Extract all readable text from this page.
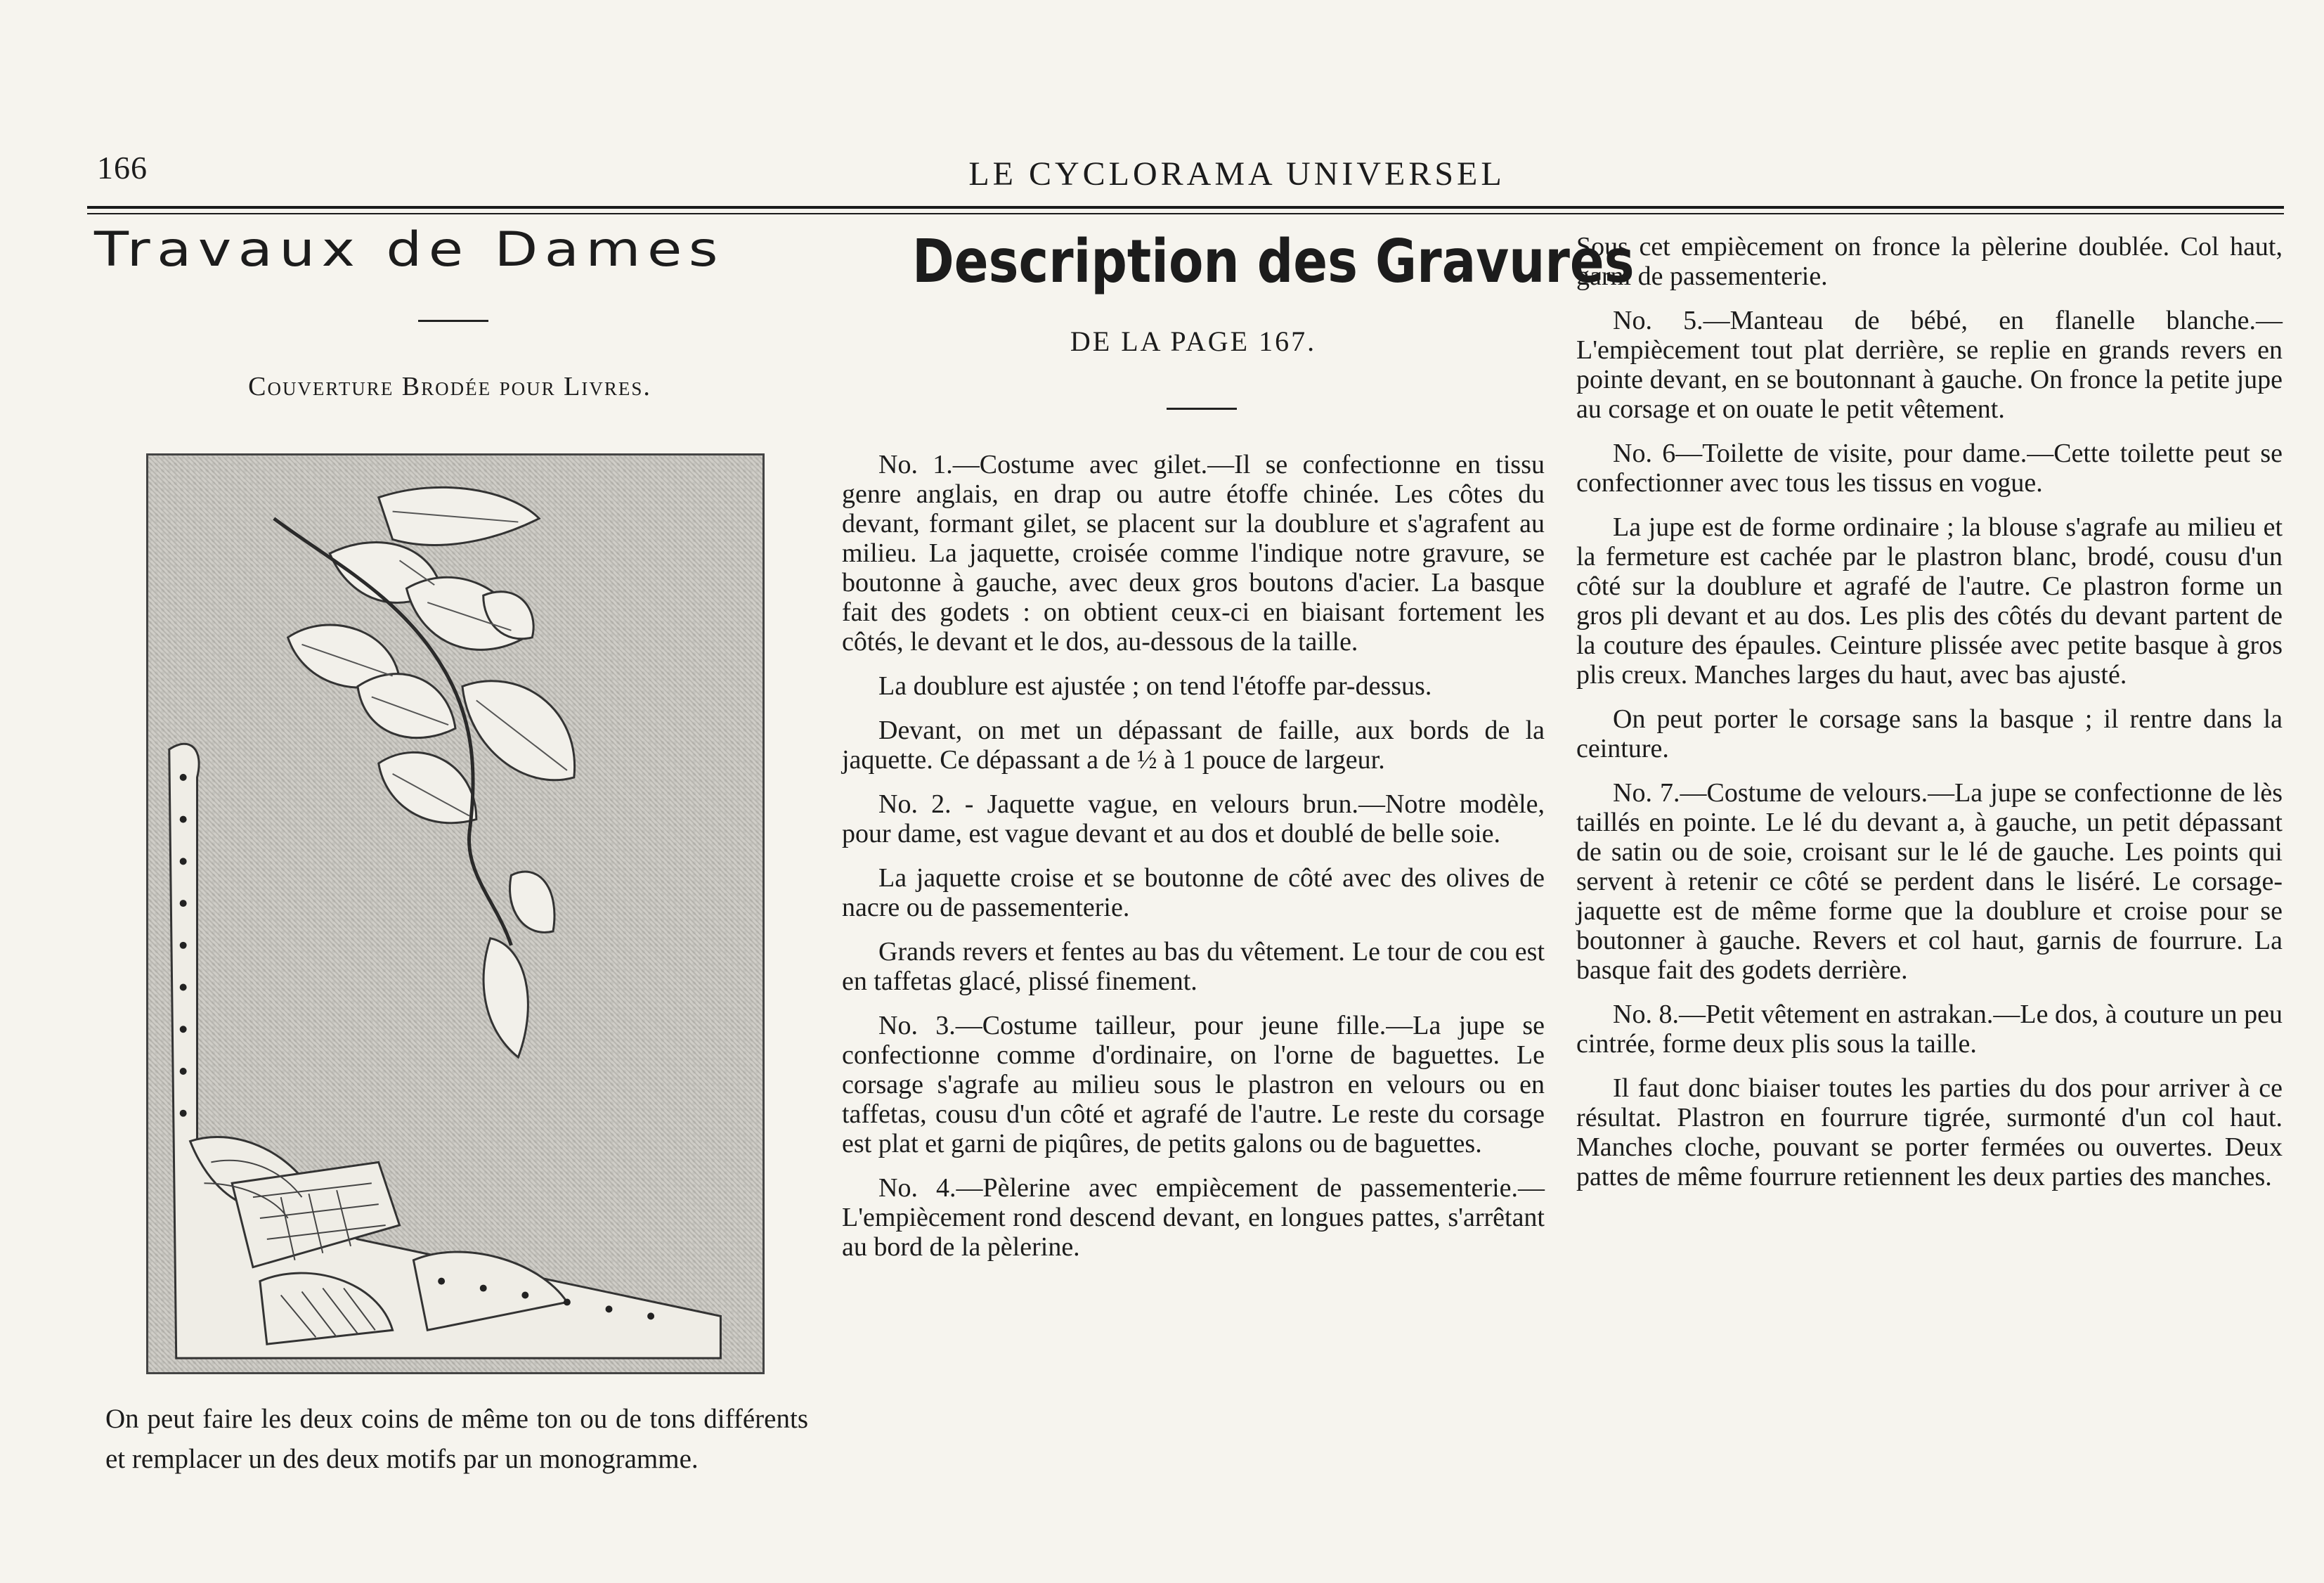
166	LE CYCLORAMA UNIVERSEL
Travaux de Dames
Couverture Brodée pour Livres.
On peut faire les deux coins de même ton ou de tons différents et remplacer un des deux motifs par un monogramme.
Description des Gravures
DE LA PAGE 167.

No. 1.—Costume avec gilet.—Il se confectionne en tissu genre anglais, en drap ou autre étoffe chinée. Les côtes du devant, formant gilet, se placent sur la doublure et s'agrafent au milieu. La jaquette, croisée comme l'indique notre gravure, se boutonne à gauche, avec deux gros boutons d'acier. La basque fait des godets : on obtient ceux-ci en biaisant fortement les côtés, le devant et le dos, au-dessous de la taille.

La doublure est ajustée ; on tend l'étoffe par-dessus.

Devant, on met un dépassant de faille, aux bords de la jaquette. Ce dépassant a de ½ à 1 pouce de largeur.

No. 2. - Jaquette vague, en velours brun.—Notre modèle, pour dame, est vague devant et au dos et doublé de belle soie.

La jaquette croise et se boutonne de côté avec des olives de nacre ou de passementerie.

Grands revers et fentes au bas du vêtement. Le tour de cou est en taffetas glacé, plissé finement.

No. 3.—Costume tailleur, pour jeune fille.—La jupe se confectionne comme d'ordinaire, on l'orne de baguettes. Le corsage s'agrafe au milieu sous le plastron en velours ou en taffetas, cousu d'un côté et agrafé de l'autre. Le reste du corsage est plat et garni de piqûres, de petits galons ou de baguettes.

No. 4.—Pèlerine avec empiècement de passementerie.—L'empiècement rond descend devant, en longues pattes, s'arrêtant au bord de la pèlerine.

Sous cet empiècement on fronce la pèlerine doublée. Col haut, garni de passementerie.

No. 5.—Manteau de bébé, en flanelle blanche.—L'empiècement tout plat derrière, se replie en grands revers en pointe devant, en se boutonnant à gauche. On fronce la petite jupe au corsage et on ouate le petit vêtement.

No. 6—Toilette de visite, pour dame.—Cette toilette peut se confectionner avec tous les tissus en vogue.

La jupe est de forme ordinaire ; la blouse s'agrafe au milieu et la fermeture est cachée par le plastron blanc, brodé, cousu d'un côté sur la doublure et agrafé de l'autre. Ce plastron forme un gros pli devant et au dos. Les plis des côtés du devant partent de la couture des épaules. Ceinture plissée avec petite basque à gros plis creux. Manches larges du haut, avec bas ajusté.

On peut porter le corsage sans la basque ; il rentre dans la ceinture.

No. 7.—Costume de velours.—La jupe se confectionne de lès taillés en pointe. Le lé du devant a, à gauche, un petit dépassant de satin ou de soie, croisant sur le lé de gauche. Les points qui servent à retenir ce côté se perdent dans le liséré. Le corsage-jaquette est de même forme que la doublure et croise pour se boutonner à gauche. Revers et col haut, garnis de fourrure. La basque fait des godets derrière.

No. 8.—Petit vêtement en astrakan.—Le dos, à couture un peu cintrée, forme deux plis sous la taille.

Il faut donc biaiser toutes les parties du dos pour arriver à ce résultat. Plastron en fourrure tigrée, surmonté d'un col haut. Manches cloche, pouvant se porter fermées ou ouvertes. Deux pattes de même fourrure retiennent les deux parties des manches.
